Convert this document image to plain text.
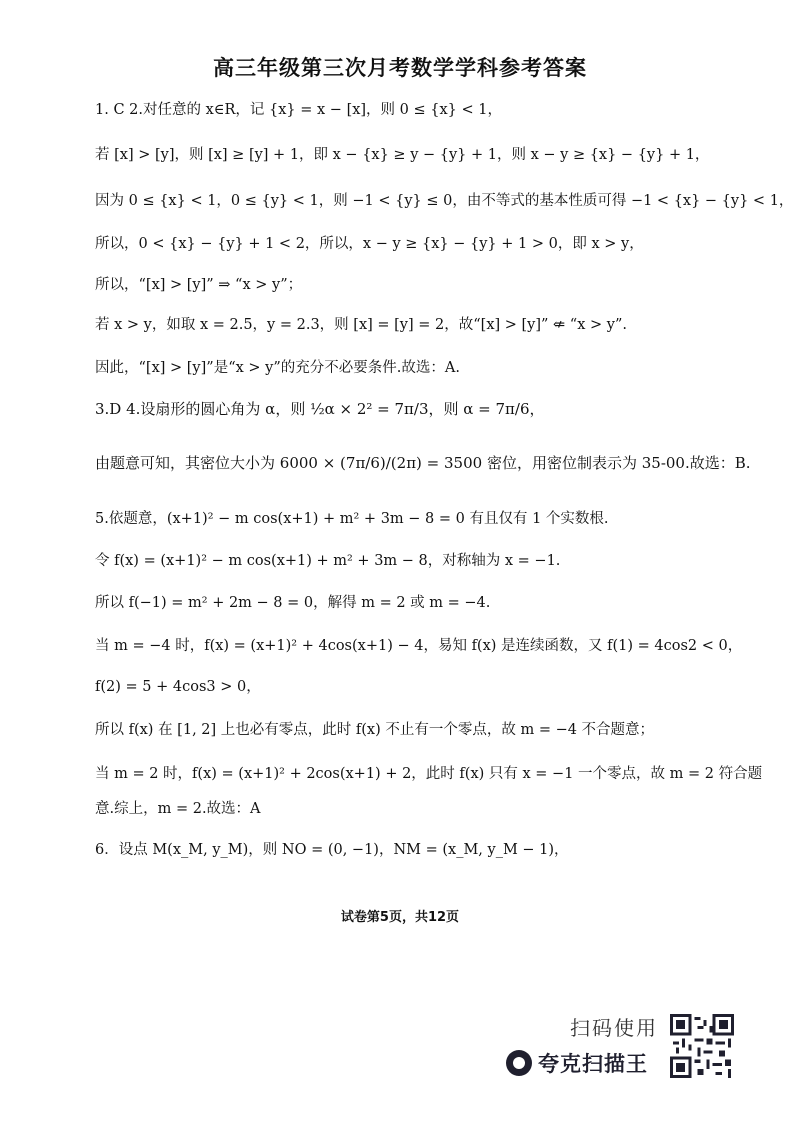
高三年级第三次月考数学学科参考答案
1. C 2.对任意的 x∈R，记 {x} = x − [x]，则 0 ≤ {x} < 1，
若 [x] > [y]，则 [x] ≥ [y] + 1，即 x − {x} ≥ y − {y} + 1，则 x − y ≥ {x} − {y} + 1，
因为 0 ≤ {x} < 1，0 ≤ {y} < 1，则 −1 < {y} ≤ 0，由不等式的基本性质可得 −1 < {x} − {y} < 1，
所以，0 < {x} − {y} + 1 < 2，所以，x − y ≥ {x} − {y} + 1 > 0，即 x > y，
所以，“[x] > [y]” ⇒ “x > y”；
若 x > y，如取 x = 2.5，y = 2.3，则 [x] = [y] = 2，故“[x] > [y]” ⇍ “x > y”.
因此，“[x] > [y]”是“x > y”的充分不必要条件.故选：A.
3.D 4.设扇形的圆心角为 α，则 ½α × 2² = 7π/3，则 α = 7π/6，
由题意可知，其密位大小为 6000 × (7π/6)/(2π) = 3500 密位，用密位制表示为 35-00.故选：B.
5.依题意，(x+1)² − m cos(x+1) + m² + 3m − 8 = 0 有且仅有 1 个实数根.
令 f(x) = (x+1)² − m cos(x+1) + m² + 3m − 8，对称轴为 x = −1.
所以 f(−1) = m² + 2m − 8 = 0，解得 m = 2 或 m = −4.
当 m = −4 时，f(x) = (x+1)² + 4cos(x+1) − 4，易知 f(x) 是连续函数，又 f(1) = 4cos2 < 0，
f(2) = 5 + 4cos3 > 0，
所以 f(x) 在 [1, 2] 上也必有零点，此时 f(x) 不止有一个零点，故 m = −4 不合题意；
当 m = 2 时，f(x) = (x+1)² + 2cos(x+1) + 2，此时 f(x) 只有 x = −1 一个零点，故 m = 2 符合题
意.综上，m = 2.故选：A
6．设点 M(x_M, y_M)，则 NO = (0, −1)，NM = (x_M, y_M − 1)，
试卷第5页，共12页
扫码使用
夸克扫描王
